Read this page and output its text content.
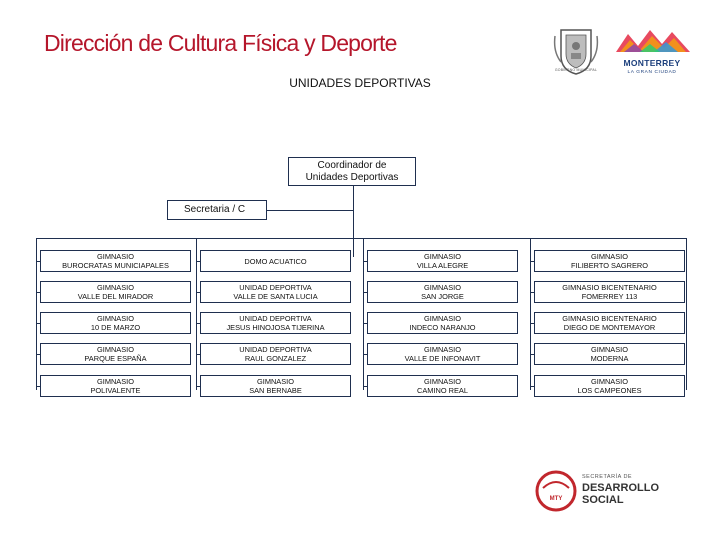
Dirección de Cultura Física y Deporte
UNIDADES DEPORTIVAS
GOBIERNO MUNICIPAL
MONTERREY
LA GRAN CIUDAD
Coordinador de
Unidades Deportivas
Secretaria / C
GIMNASIO
BUROCRATAS MUNICIAPALES
GIMNASIO
VALLE DEL MIRADOR
GIMNASIO
10 DE MARZO
GIMNASIO
PARQUE ESPAÑA
GIMNASIO
POLIVALENTE
DOMO ACUATICO
UNIDAD DEPORTIVA
VALLE DE SANTA LUCIA
UNIDAD DEPORTIVA
JESUS HINOJOSA TIJERINA
UNIDAD DEPORTIVA
RAUL GONZALEZ
GIMNASIO
SAN BERNABE
GIMNASIO
VILLA ALEGRE
GIMNASIO
SAN JORGE
GIMNASIO
INDECO NARANJO
GIMNASIO
VALLE DE INFONAVIT
GIMNASIO
CAMINO REAL
GIMNASIO
FILIBERTO SAGRERO
GIMNASIO BICENTENARIO
FOMERREY 113
GIMNASIO BICENTENARIO
DIEGO DE MONTEMAYOR
GIMNASIO
MODERNA
GIMNASIO
LOS CAMPEONES
MTY
SECRETARÍA DE
DESARROLLO
SOCIAL
